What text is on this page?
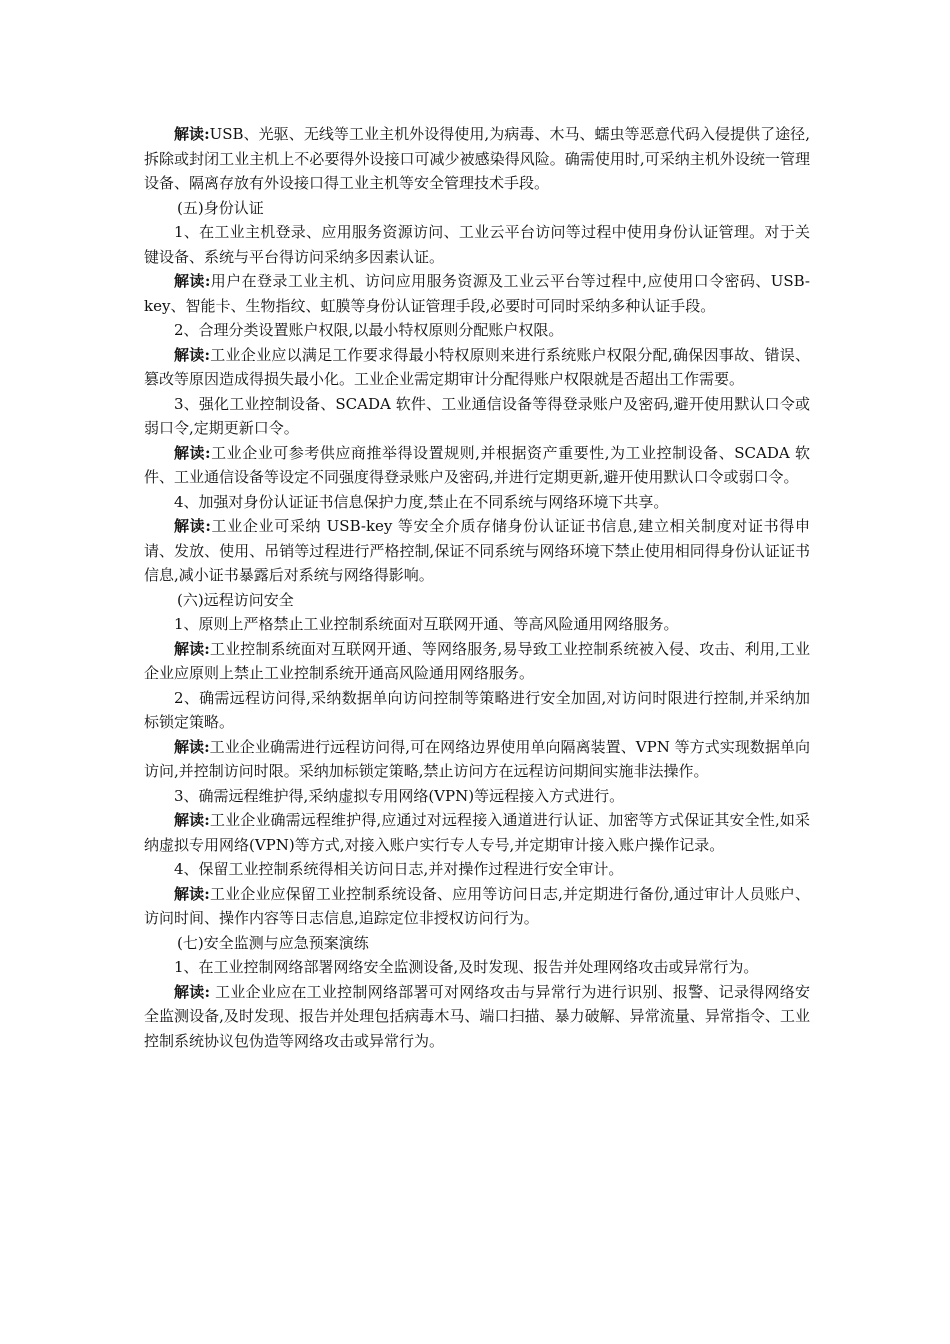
解读:USB、光驱、无线等工业主机外设得使用,为病毒、木马、蠕虫等恶意代码入侵提供了途径,拆除或封闭工业主机上不必要得外设接口可减少被感染得风险。确需使用时,可采纳主机外设统一管理设备、隔离存放有外设接口得工业主机等安全管理技术手段。

(五)身份认证

1、在工业主机登录、应用服务资源访问、工业云平台访问等过程中使用身份认证管理。对于关键设备、系统与平台得访问采纳多因素认证。

解读:用户在登录工业主机、访问应用服务资源及工业云平台等过程中,应使用口令密码、USB-key、智能卡、生物指纹、虹膜等身份认证管理手段,必要时可同时采纳多种认证手段。

2、合理分类设置账户权限,以最小特权原则分配账户权限。

解读:工业企业应以满足工作要求得最小特权原则来进行系统账户权限分配,确保因事故、错误、篡改等原因造成得损失最小化。工业企业需定期审计分配得账户权限就是否超出工作需要。

3、强化工业控制设备、SCADA 软件、工业通信设备等得登录账户及密码,避开使用默认口令或弱口令,定期更新口令。

解读:工业企业可参考供应商推举得设置规则,并根据资产重要性,为工业控制设备、SCADA 软件、工业通信设备等设定不同强度得登录账户及密码,并进行定期更新,避开使用默认口令或弱口令。

4、加强对身份认证证书信息保护力度,禁止在不同系统与网络环境下共享。

解读:工业企业可采纳 USB-key 等安全介质存储身份认证证书信息,建立相关制度对证书得申请、发放、使用、吊销等过程进行严格控制,保证不同系统与网络环境下禁止使用相同得身份认证证书信息,减小证书暴露后对系统与网络得影响。

(六)远程访问安全

1、原则上严格禁止工业控制系统面对互联网开通、等高风险通用网络服务。

解读:工业控制系统面对互联网开通、等网络服务,易导致工业控制系统被入侵、攻击、利用,工业企业应原则上禁止工业控制系统开通高风险通用网络服务。

2、确需远程访问得,采纳数据单向访问控制等策略进行安全加固,对访问时限进行控制,并采纳加标锁定策略。

解读:工业企业确需进行远程访问得,可在网络边界使用单向隔离装置、VPN 等方式实现数据单向访问,并控制访问时限。采纳加标锁定策略,禁止访问方在远程访问期间实施非法操作。

3、确需远程维护得,采纳虚拟专用网络(VPN)等远程接入方式进行。

解读:工业企业确需远程维护得,应通过对远程接入通道进行认证、加密等方式保证其安全性,如采纳虚拟专用网络(VPN)等方式,对接入账户实行专人专号,并定期审计接入账户操作记录。

4、保留工业控制系统得相关访问日志,并对操作过程进行安全审计。

解读:工业企业应保留工业控制系统设备、应用等访问日志,并定期进行备份,通过审计人员账户、访问时间、操作内容等日志信息,追踪定位非授权访问行为。

(七)安全监测与应急预案演练

1、在工业控制网络部署网络安全监测设备,及时发现、报告并处理网络攻击或异常行为。

解读: 工业企业应在工业控制网络部署可对网络攻击与异常行为进行识别、报警、记录得网络安全监测设备,及时发现、报告并处理包括病毒木马、端口扫描、暴力破解、异常流量、异常指令、工业控制系统协议包伪造等网络攻击或异常行为。
